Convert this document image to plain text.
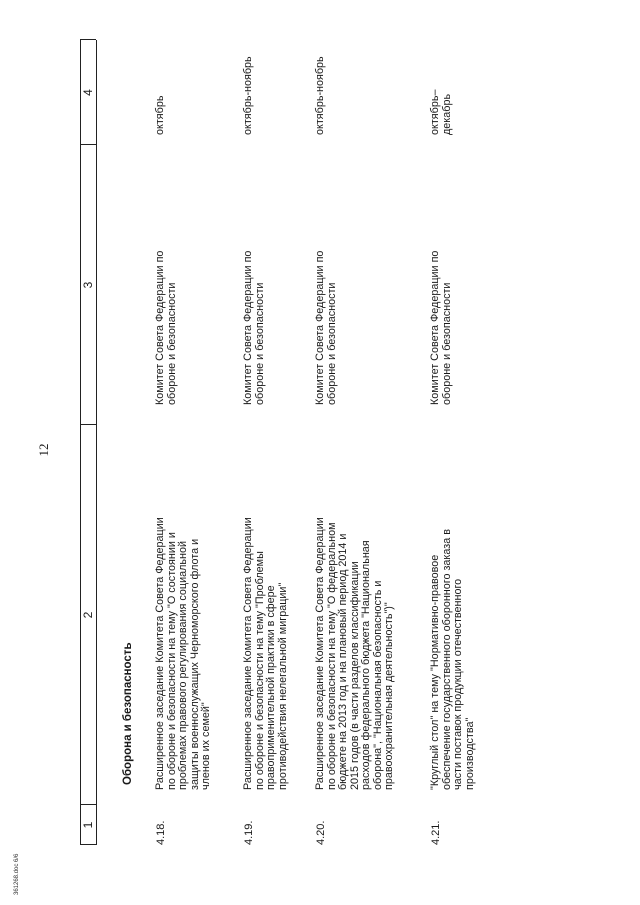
12
1
2
3
4
Оборона и безопасность
4.18.
Расширенное заседание Комитета Совета Федерации по обороне и безопасности на тему "О состоянии и проблемах правового регулирования социальной защиты военнослужащих Черноморского флота и членов их семей"
Комитет Совета Федерации по обороне и безопасности
октябрь
4.19.
Расширенное заседание Комитета Совета Федерации по обороне и безопасности на тему "Проблемы правоприменительной практики в сфере противодействия нелегальной миграции"
Комитет Совета Федерации по обороне и безопасности
октябрь-ноябрь
4.20.
Расширенное заседание Комитета Совета Федерации по обороне и безопасности на тему "О федеральном бюджете на 2013 год и на плановый период 2014 и 2015 годов (в части разделов классификации расходов федерального бюджета "Национальная оборона", "Национальная безопасность и правоохранительная деятельность")"
Комитет Совета Федерации по обороне и безопасности
октябрь-ноябрь
4.21.
"Круглый стол" на тему "Нормативно-правовое обеспечение государственного оборонного заказа в части поставок продукции отечественного производства"
Комитет Совета Федерации по обороне и безопасности
октябрь– декабрь
361268.doc 6/6
